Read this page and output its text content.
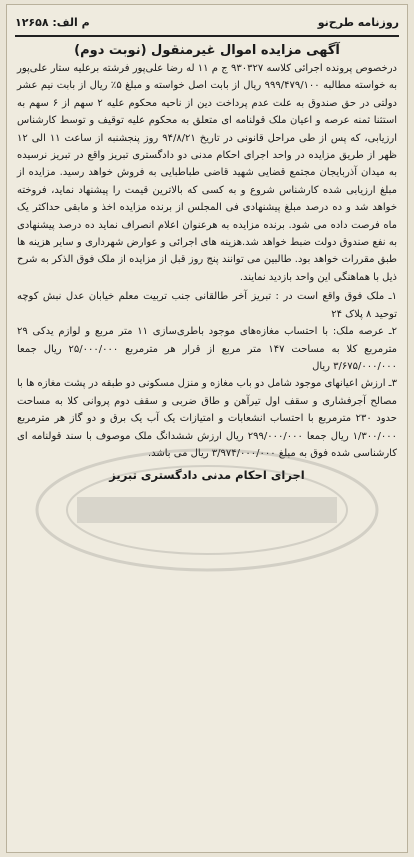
روزنامه طرح‌نو
م الف: ۱۲۶۵۸
آگهی مزایده اموال غیرمنقول (نوبت دوم)

درخصوص پرونده اجرائی کلاسه ۹۳۰۳۲۷ ج م ۱۱ له رضا علی‌پور فرشته برعلیه ستار علی‌پور به خواسته مطالبه ۹۹۹/۴۷۹/۱۰۰ ریال از بابت اصل خواسته و مبلغ ۵٪ ریال از بابت نیم عشر دولتی در حق صندوق به علت عدم پرداخت دین از ناحیه محکوم علیه ۲ سهم از ۶ سهم به استثنا ثمنه عرصه و اعیان ملک قولنامه ای متعلق به محکوم علیه توقیف و توسط کارشناس ارزیابی، که پس از طی مراحل قانونی در تاریخ ۹۴/۸/۲۱ روز پنجشنبه از ساعت ۱۱ الی ۱۲ ظهر از طریق مزایده در واحد اجرای احکام مدنی دو دادگستری تبریز واقع در تبریز نرسیده به میدان آذربایجان مجتمع قضایی شهید قاضی طباطبایی به فروش خواهد رسید. مزایده از مبلغ ارزیابی شده کارشناس شروع و به کسی که بالاترین قیمت را پیشنهاد نماید، فروخته خواهد شد و ده درصد مبلغ پیشنهادی فی المجلس از برنده مزایده اخذ و مابقی حداکثر یک ماه فرصت داده می شود. برنده مزایده به هرعنوان اعلام انصراف نماید ده درصد پیشنهادی به نفع صندوق دولت ضبط خواهد شد.هزینه های اجرائی و عوارض شهرداری و سایر هزینه ها طبق مقررات خواهد بود. طالبین می توانند پنج روز قبل از مزایده از ملک فوق الذکر به شرح ذیل با هماهنگی این واحد بازدید نمایند.

۱ـ ملک فوق واقع است در : تبریز آخر طالقانی جنب تربیت معلم خیابان عدل نبش کوچه توحید ۸ پلاک ۲۴

۲ـ عرصه ملک: با احتساب مغازه‌های موجود باطری‌سازی ۱۱ متر مربع و لوازم یدکی ۲۹ مترمربع کلا به مساحت ۱۴۷ متر مربع از قرار هر مترمربع ۲۵/۰۰۰/۰۰۰ ریال جمعا ۳/۶۷۵/۰۰۰/۰۰۰ ریال

۳ـ ارزش اعیانهای موجود شامل دو باب مغازه و منزل مسکونی دو طبقه در پشت مغازه ها با مصالح آجرفشاری و سقف اول تیرآهن و طاق ضربی و سقف دوم پروانی کلا به مساحت حدود ۲۳۰ مترمربع با احتساب انشعابات و امتیازات یک آب یک برق و دو گاز هر مترمربع ۱/۳۰۰/۰۰۰ ریال جمعا ۲۹۹/۰۰۰/۰۰۰ ریال ارزش ششدانگ ملک موصوف با سند قولنامه ای کارشناسی شده فوق به مبلغ ۳/۹۷۴/۰۰۰/۰۰۰ ریال می باشد.

اجرای احکام مدنی دادگستری تبریز
